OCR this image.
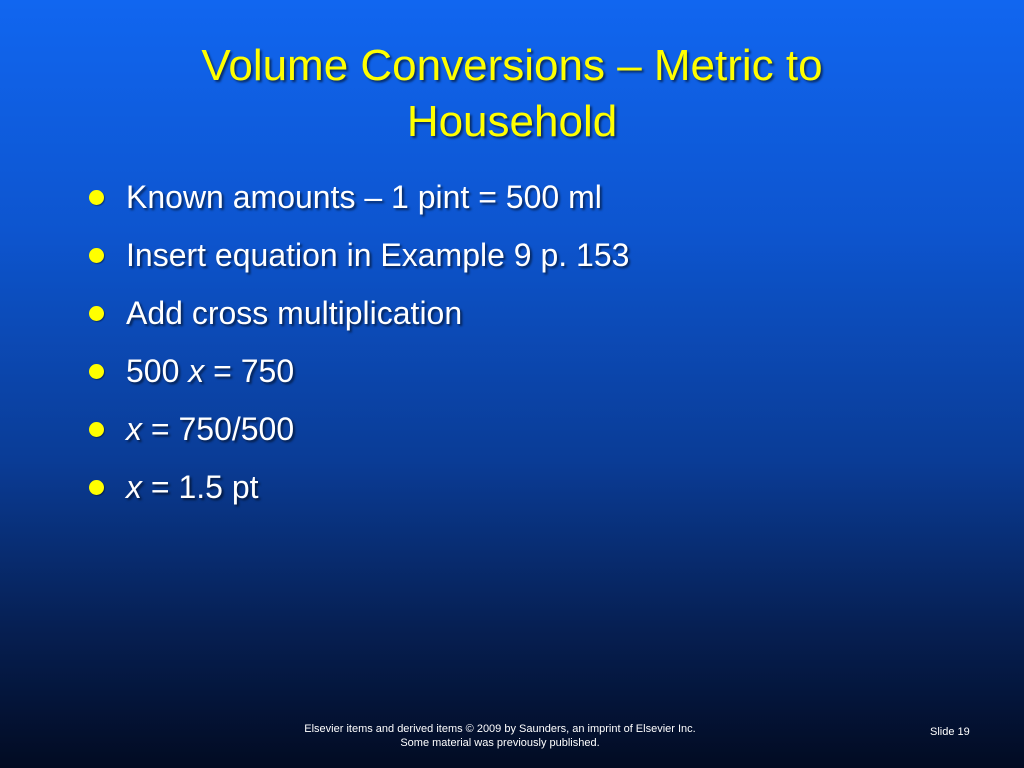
Volume Conversions – Metric to
Household
Known amounts – 1 pint = 500 ml
Insert equation in Example 9 p. 153
Add cross multiplication
500 x = 750
x = 750/500
x = 1.5 pt
Elsevier items and derived items © 2009 by Saunders, an imprint of Elsevier Inc.
Some material was previously published.
Slide 19
